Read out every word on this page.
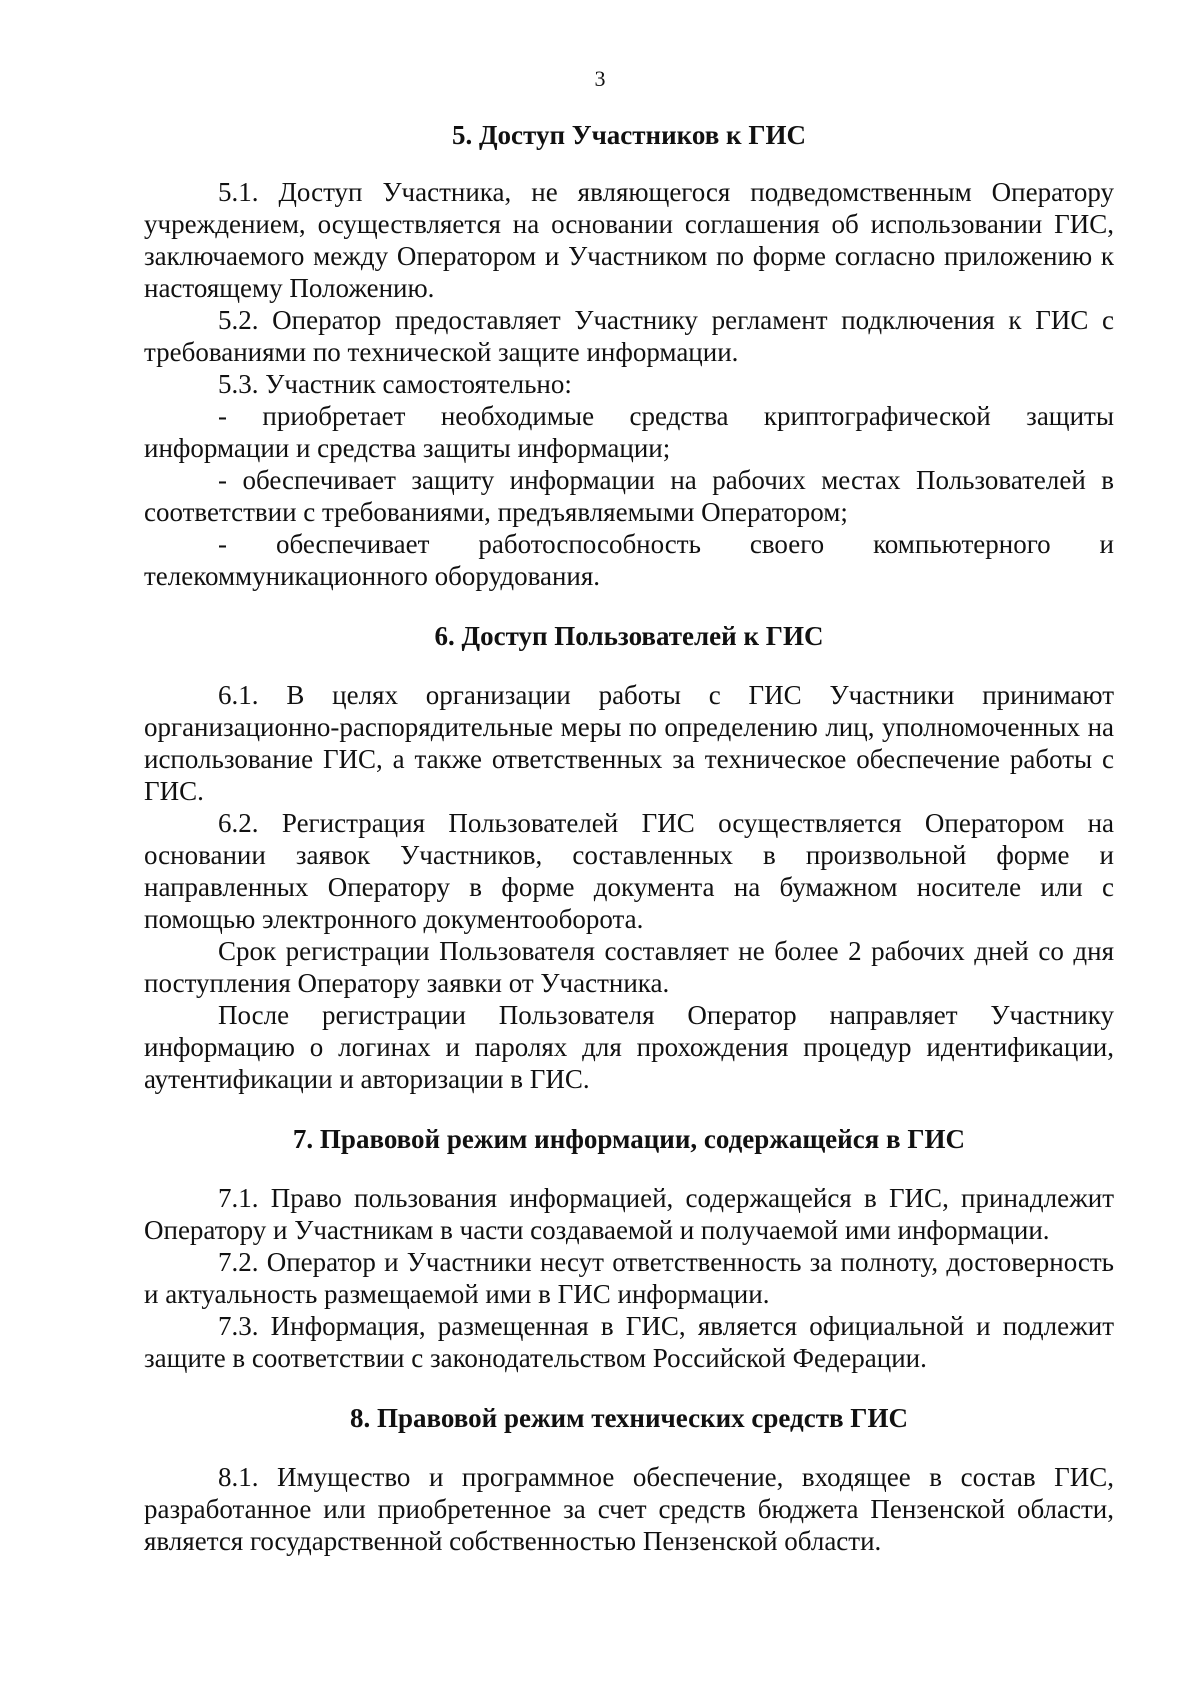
3
5. Доступ Участников к ГИС

5.1. Доступ Участника, не являющегося подведомственным Оператору учреждением, осуществляется на основании соглашения об использовании ГИС, заключаемого между Оператором и Участником по форме согласно приложению к настоящему Положению.

5.2. Оператор предоставляет Участнику регламент подключения к ГИС с требованиями по технической защите информации.

5.3. Участник самостоятельно:

- приобретает необходимые средства криптографической защиты информации и средства защиты информации;

- обеспечивает защиту информации на рабочих местах Пользователей в соответствии с требованиями, предъявляемыми Оператором;

- обеспечивает работоспособность своего компьютерного и телекоммуникационного оборудования.

6. Доступ Пользователей к ГИС

6.1. В целях организации работы с ГИС Участники принимают организационно-распорядительные меры по определению лиц, уполномоченных на использование ГИС, а также ответственных за техническое обеспечение работы с ГИС.

6.2. Регистрация Пользователей ГИС осуществляется Оператором на основании заявок Участников, составленных в произвольной форме и направленных Оператору в форме документа на бумажном носителе или с помощью электронного документооборота.

Срок регистрации Пользователя составляет не более 2 рабочих дней со дня поступления Оператору заявки от Участника.

После регистрации Пользователя Оператор направляет Участнику информацию о логинах и паролях для прохождения процедур идентификации, аутентификации и авторизации в ГИС.

7. Правовой режим информации, содержащейся в ГИС

7.1. Право пользования информацией, содержащейся в ГИС, принадлежит Оператору и Участникам в части создаваемой и получаемой ими информации.

7.2. Оператор и Участники несут ответственность за полноту, достоверность и актуальность размещаемой ими в ГИС информации.

7.3. Информация, размещенная в ГИС, является официальной и подлежит защите в соответствии с законодательством Российской Федерации.

8. Правовой режим технических средств ГИС

8.1. Имущество и программное обеспечение, входящее в состав ГИС, разработанное или приобретенное за счет средств бюджета Пензенской области, является государственной собственностью Пензенской области.
